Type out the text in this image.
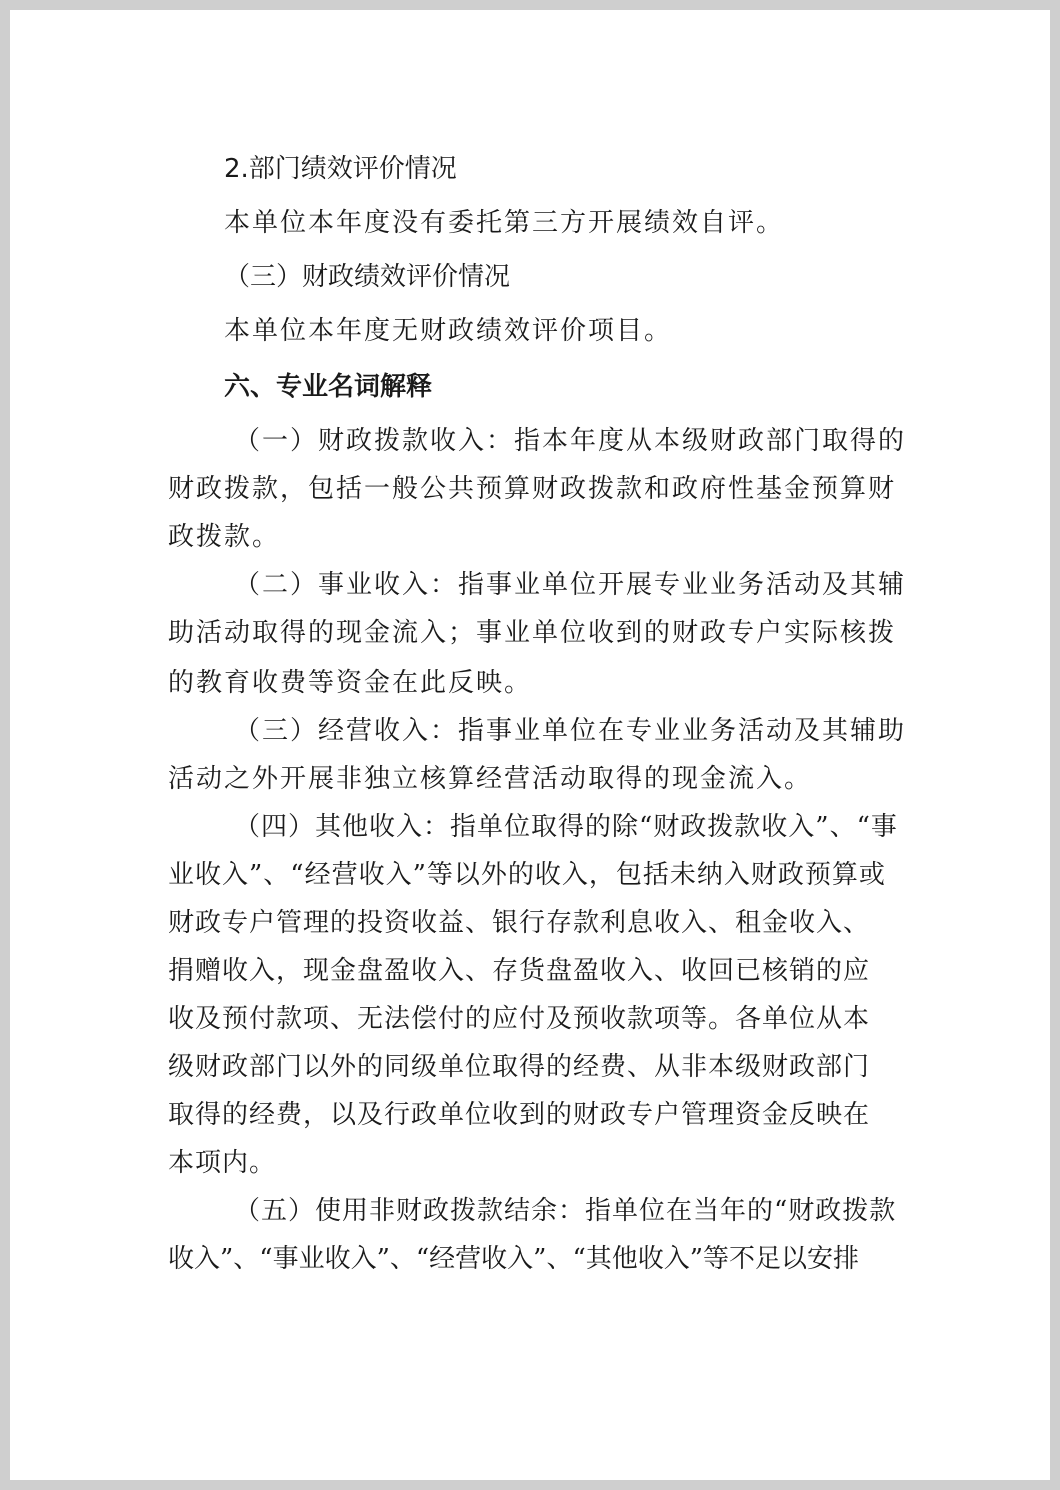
2.部门绩效评价情况
本单位本年度没有委托第三方开展绩效自评。
（三）财政绩效评价情况
本单位本年度无财政绩效评价项目。
六、专业名词解释
（一）财政拨款收入：指本年度从本级财政部门取得的
财政拨款，包括一般公共预算财政拨款和政府性基金预算财
政拨款。
（二）事业收入：指事业单位开展专业业务活动及其辅
助活动取得的现金流入；事业单位收到的财政专户实际核拨
的教育收费等资金在此反映。
（三）经营收入：指事业单位在专业业务活动及其辅助
活动之外开展非独立核算经营活动取得的现金流入。
（四）其他收入：指单位取得的除“财政拨款收入”、“事
业收入”、“经营收入”等以外的收入，包括未纳入财政预算或
财政专户管理的投资收益、银行存款利息收入、租金收入、
捐赠收入，现金盘盈收入、存货盘盈收入、收回已核销的应
收及预付款项、无法偿付的应付及预收款项等。各单位从本
级财政部门以外的同级单位取得的经费、从非本级财政部门
取得的经费，以及行政单位收到的财政专户管理资金反映在
本项内。
（五）使用非财政拨款结余：指单位在当年的“财政拨款
收入”、“事业收入”、“经营收入”、“其他收入”等不足以安排
